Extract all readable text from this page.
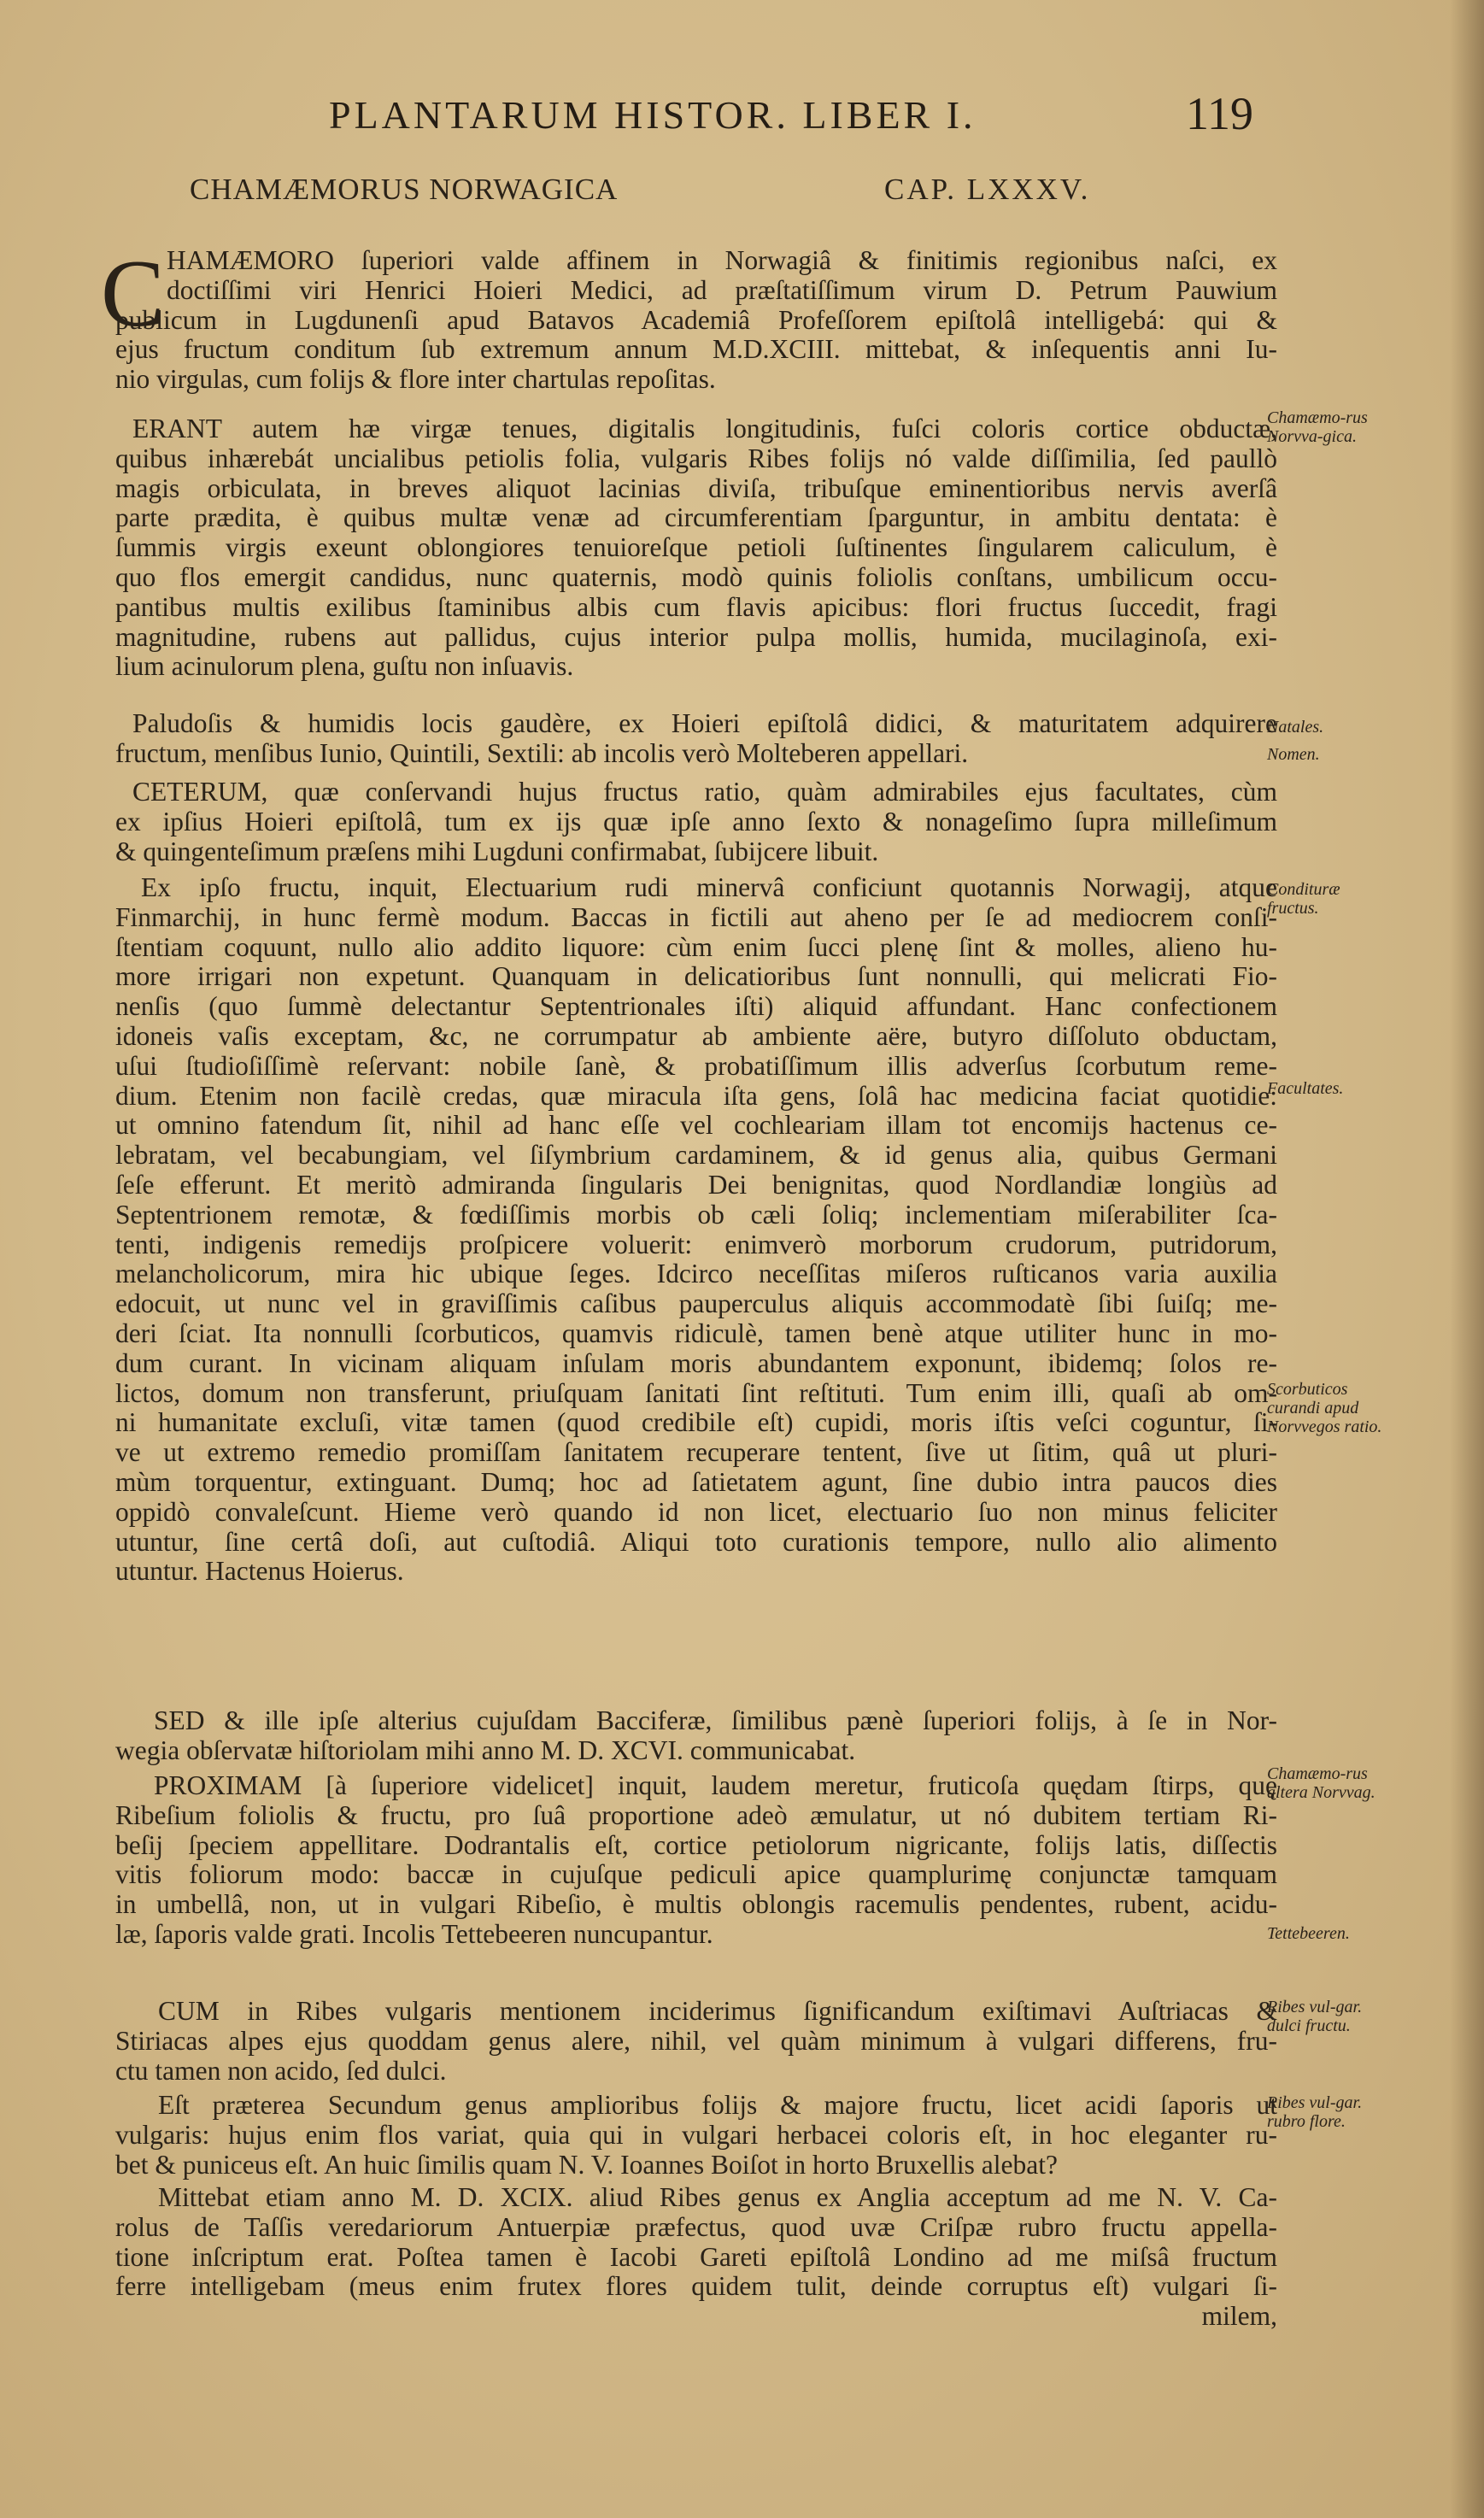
PLANTARUM HISTOR. LIBER I.	119
CHAMÆMORUS NORWAGICA	CAP. LXXXV.
C HAMÆMORO ſuperiori valde affinem in Norwagiâ & finitimis regionibus naſci, ex
doctiſſimi viri Henrici Hoieri Medici, ad præſtatiſſimum virum D. Petrum Pauwium
publicum in Lugdunenſi apud Batavos Academiâ Profeſſorem epiſtolâ intelligebá: qui &
ejus fructum conditum ſub extremum annum M.D.XCIII. mittebat, & inſequentis anni Iu-
nio virgulas, cum folijs & flore inter chartulas repoſitas.
ERANT autem hæ virgæ tenues, digitalis longitudinis, fuſci coloris cortice obductæ,
quibus inhærebát uncialibus petiolis folia, vulgaris Ribes folijs nó valde diſſimilia, ſed paullò
magis orbiculata, in breves aliquot lacinias diviſa, tribuſque eminentioribus nervis averſâ
parte prædita, è quibus multæ venæ ad circumferentiam ſparguntur, in ambitu dentata: è
ſummis virgis exeunt oblongiores tenuioreſque petioli ſuſtinentes ſingularem caliculum, è
quo flos emergit candidus, nunc quaternis, modò quinis foliolis conſtans, umbilicum occu-
pantibus multis exilibus ſtaminibus albis cum flavis apicibus: flori fructus ſuccedit, fragi
magnitudine, rubens aut pallidus, cujus interior pulpa mollis, humida, mucilaginoſa, exi-
lium acinulorum plena, guſtu non inſuavis.
Paludoſis & humidis locis gaudère, ex Hoieri epiſtolâ didici, & maturitatem adquirere
fructum, menſibus Iunio, Quintili, Sextili: ab incolis verò Molteberen appellari.
CETERUM, quæ conſervandi hujus fructus ratio, quàm admirabiles ejus facultates, cùm
ex ipſius Hoieri epiſtolâ, tum ex ijs quæ ipſe anno ſexto & nonageſimo ſupra milleſimum
& quingenteſimum præſens mihi Lugduni confirmabat, ſubijcere libuit.
Ex ipſo fructu, inquit, Electuarium rudi minervâ conficiunt quotannis Norwagij, atque
Finmarchij, in hunc fermè modum. Baccas in fictili aut aheno per ſe ad mediocrem conſi-
ſtentiam coquunt, nullo alio addito liquore: cùm enim ſucci plenę ſint & molles, alieno hu-
more irrigari non expetunt. Quanquam in delicatioribus ſunt nonnulli, qui melicrati Fio-
nenſis (quo ſummè delectantur Septentrionales iſti) aliquid affundant. Hanc confectionem
idoneis vaſis exceptam, &c, ne corrumpatur ab ambiente aëre, butyro diſſoluto obductam,
uſui ſtudioſiſſimè reſervant: nobile ſanè, & probatiſſimum illis adverſus ſcorbutum reme-
dium. Etenim non facilè credas, quæ miracula iſta gens, ſolâ hac medicina faciat quotidie:
ut omnino fatendum ſit, nihil ad hanc eſſe vel cochleariam illam tot encomijs hactenus ce-
lebratam, vel becabungiam, vel ſiſymbrium cardaminem, & id genus alia, quibus Germani
ſeſe efferunt. Et meritò admiranda ſingularis Dei benignitas, quod Nordlandiæ longiùs ad
Septentrionem remotæ, & fœdiſſimis morbis ob cæli ſoliq; inclementiam miſerabiliter ſca-
tenti, indigenis remedijs proſpicere voluerit: enimverò morborum crudorum, putridorum,
melancholicorum, mira hic ubique ſeges. Idcirco neceſſitas miſeros ruſticanos varia auxilia
edocuit, ut nunc vel in graviſſimis caſibus pauperculus aliquis accommodatè ſibi ſuiſq; me-
deri ſciat. Ita nonnulli ſcorbuticos, quamvis ridiculè, tamen benè atque utiliter hunc in mo-
dum curant. In vicinam aliquam inſulam moris abundantem exponunt, ibidemq; ſolos re-
lictos, domum non transferunt, priuſquam ſanitati ſint reſtituti. Tum enim illi, quaſi ab om-
ni humanitate excluſi, vitæ tamen (quod credibile eſt) cupidi, moris iſtis veſci coguntur, ſi-
ve ut extremo remedio promiſſam ſanitatem recuperare tentent, ſive ut ſitim, quâ ut pluri-
mùm torquentur, extinguant. Dumq; hoc ad ſatietatem agunt, ſine dubio intra paucos dies
oppidò convaleſcunt. Hieme verò quando id non licet, electuario ſuo non minus feliciter
utuntur, ſine certâ doſi, aut cuſtodiâ. Aliqui toto curationis tempore, nullo alio alimento
utuntur. Hactenus Hoierus.
SED & ille ipſe alterius cujuſdam Bacciferæ, ſimilibus pænè ſuperiori folijs, à ſe in Nor-
wegia obſervatæ hiſtoriolam mihi anno M. D. XCVI. communicabat.
PROXIMAM [à ſuperiore videlicet] inquit, laudem meretur, fruticoſa quędam ſtirps, quę
Ribeſium foliolis & fructu, pro ſuâ proportione adeò æmulatur, ut nó dubitem tertiam Ri-
beſij ſpeciem appellitare. Dodrantalis eſt, cortice petiolorum nigricante, folijs latis, diſſectis
vitis foliorum modo: baccæ in cujuſque pediculi apice quamplurimę conjunctæ tamquam
in umbellâ, non, ut in vulgari Ribeſio, è multis oblongis racemulis pendentes, rubent, acidu-
læ, ſaporis valde grati. Incolis Tettebeeren nuncupantur.
CUM in Ribes vulgaris mentionem inciderimus ſignificandum exiſtimavi Auſtriacas &
Stiriacas alpes ejus quoddam genus alere, nihil, vel quàm minimum à vulgari differens, fru-
ctu tamen non acido, ſed dulci.
Eſt præterea Secundum genus amplioribus folijs & majore fructu, licet acidi ſaporis ut
vulgaris: hujus enim flos variat, quia qui in vulgari herbacei coloris eſt, in hoc eleganter ru-
bet & puniceus eſt. An huic ſimilis quam N. V. Ioannes Boiſot in horto Bruxellis alebat?
Mittebat etiam anno M. D. XCIX. aliud Ribes genus ex Anglia acceptum ad me N. V. Ca-
rolus de Taſſis veredariorum Antuerpiæ præfectus, quod uvæ Criſpæ rubro fructu appella-
tione inſcriptum erat. Poſtea tamen è Iacobi Gareti epiſtolâ Londino ad me miſsâ fructum
ferre intelligebam (meus enim frutex flores quidem tulit, deinde corruptus eſt) vulgari ſi-
milem,
Chamæmo-rus Norvva-gica.
Natales.
Nomen.
Condituræ fructus.
Facultates.
Scorbuticos curandi apud Norvvegos ratio.
Chamæmo-rus altera Norvvag.
Tettebeeren.
Ribes vul-gar. dulci fructu.
Ribes vul-gar. rubro flore.
